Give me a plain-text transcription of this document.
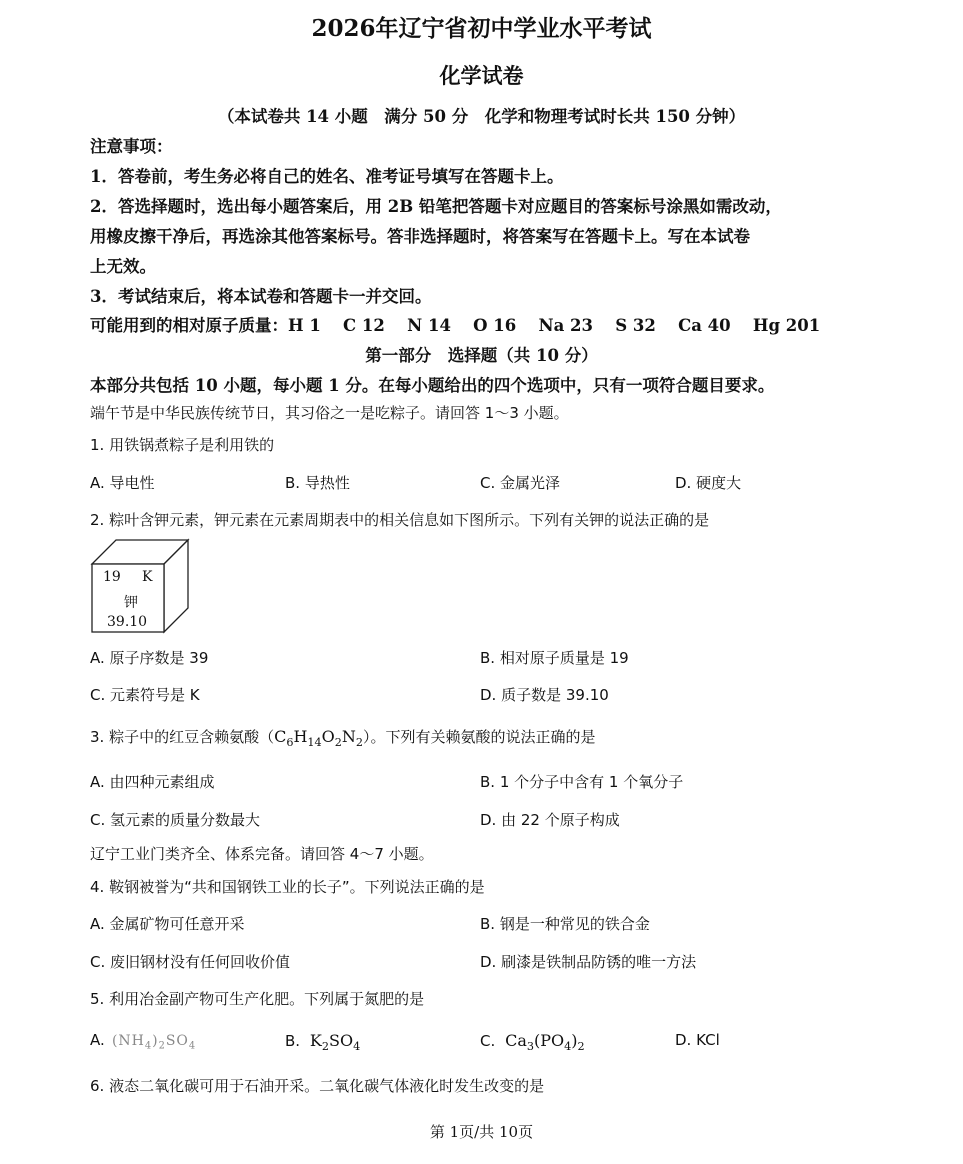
2026年辽宁省初中学业水平考试
化学试卷
（本试卷共 14 小题　满分 50 分　化学和物理考试时长共 150 分钟）
注意事项：
1．答卷前，考生务必将自己的姓名、准考证号填写在答题卡上。
2．答选择题时，选出每小题答案后，用 2B 铅笔把答题卡对应题目的答案标号涂黑如需改动，
用橡皮擦干净后，再选涂其他答案标号。答非选择题时，将答案写在答题卡上。写在本试卷
上无效。
3．考试结束后，将本试卷和答题卡一并交回。
可能用到的相对原子质量：H 1　 C 12　 N 14　 O 16　 Na 23　 S 32　 Ca 40　 Hg 201
第一部分　选择题（共 10 分）
本部分共包括 10 小题，每小题 1 分。在每小题给出的四个选项中，只有一项符合题目要求。
端午节是中华民族传统节日，其习俗之一是吃粽子。请回答 1～3 小题。
1. 用铁锅煮粽子是利用铁的
A. 导电性	B. 导热性	C. 金属光泽	D. 硬度大
2. 粽叶含钾元素，钾元素在元素周期表中的相关信息如下图所示。下列有关钾的说法正确的是
19 K
钾
39.10
A. 原子序数是 39	B. 相对原子质量是 19
C. 元素符号是 K	D. 质子数是 39.10
3. 粽子中的红豆含赖氨酸$(C_6H_{14}O_2N_2)$。下列有关赖氨酸的说法正确的是
A. 由四种元素组成	B. 1 个分子中含有 1 个氧分子
C. 氢元素的质量分数最大	D. 由 22 个原子构成
辽宁工业门类齐全、体系完备。请回答 4～7 小题。
4. 鞍钢被誉为“共和国钢铁工业的长子”。下列说法正确的是
A. 金属矿物可任意开采	B. 钢是一种常见的铁合金
C. 废旧钢材没有任何回收价值	D. 刷漆是铁制品防锈的唯一方法
5. 利用冶金副产物可生产化肥。下列属于氮肥的是
A.  $(NH_4)_2SO_4$	B.  $K_2SO_4$	C.  $Ca_3(PO_4)_2$	D. KCl
6. 液态二氧化碳可用于石油开采。二氧化碳气体液化时发生改变的是
第 1页/共 10页
